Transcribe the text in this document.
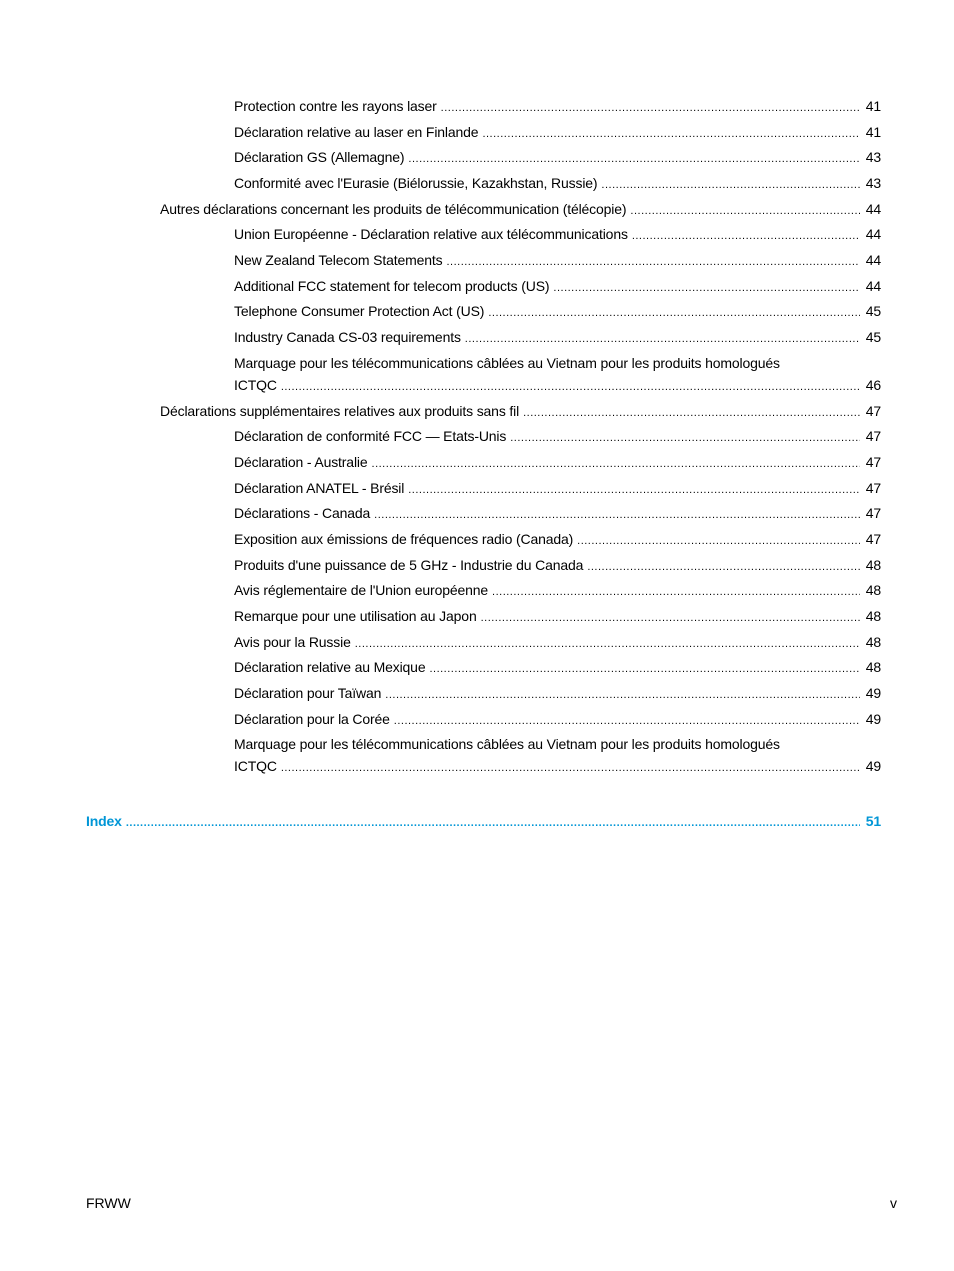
Protection contre les rayons laser .....	41
Déclaration relative au laser en Finlande .....	41
Déclaration GS (Allemagne) .....	43
Conformité avec l'Eurasie (Biélorussie, Kazakhstan, Russie) .....	43
Autres déclarations concernant les produits de télécommunication (télécopie) .....	44
Union Européenne - Déclaration relative aux télécommunications .....	44
New Zealand Telecom Statements .....	44
Additional FCC statement for telecom products (US) .....	44
Telephone Consumer Protection Act (US) .....	45
Industry Canada CS-03 requirements .....	45
Marquage pour les télécommunications câblées au Vietnam pour les produits homologués
ICTQC .....	46
Déclarations supplémentaires relatives aux produits sans fil .....	47
Déclaration de conformité FCC — Etats-Unis .....	47
Déclaration - Australie .....	47
Déclaration ANATEL - Brésil .....	47
Déclarations - Canada .....	47
Exposition aux émissions de fréquences radio (Canada) .....	47
Produits d'une puissance de 5 GHz - Industrie du Canada .....	48
Avis réglementaire de l'Union européenne .....	48
Remarque pour une utilisation au Japon .....	48
Avis pour la Russie .....	48
Déclaration relative au Mexique .....	48
Déclaration pour Taïwan .....	49
Déclaration pour la Corée .....	49
Marquage pour les télécommunications câblées au Vietnam pour les produits homologués
ICTQC .....	49
Index .....	51
FRWW	v
